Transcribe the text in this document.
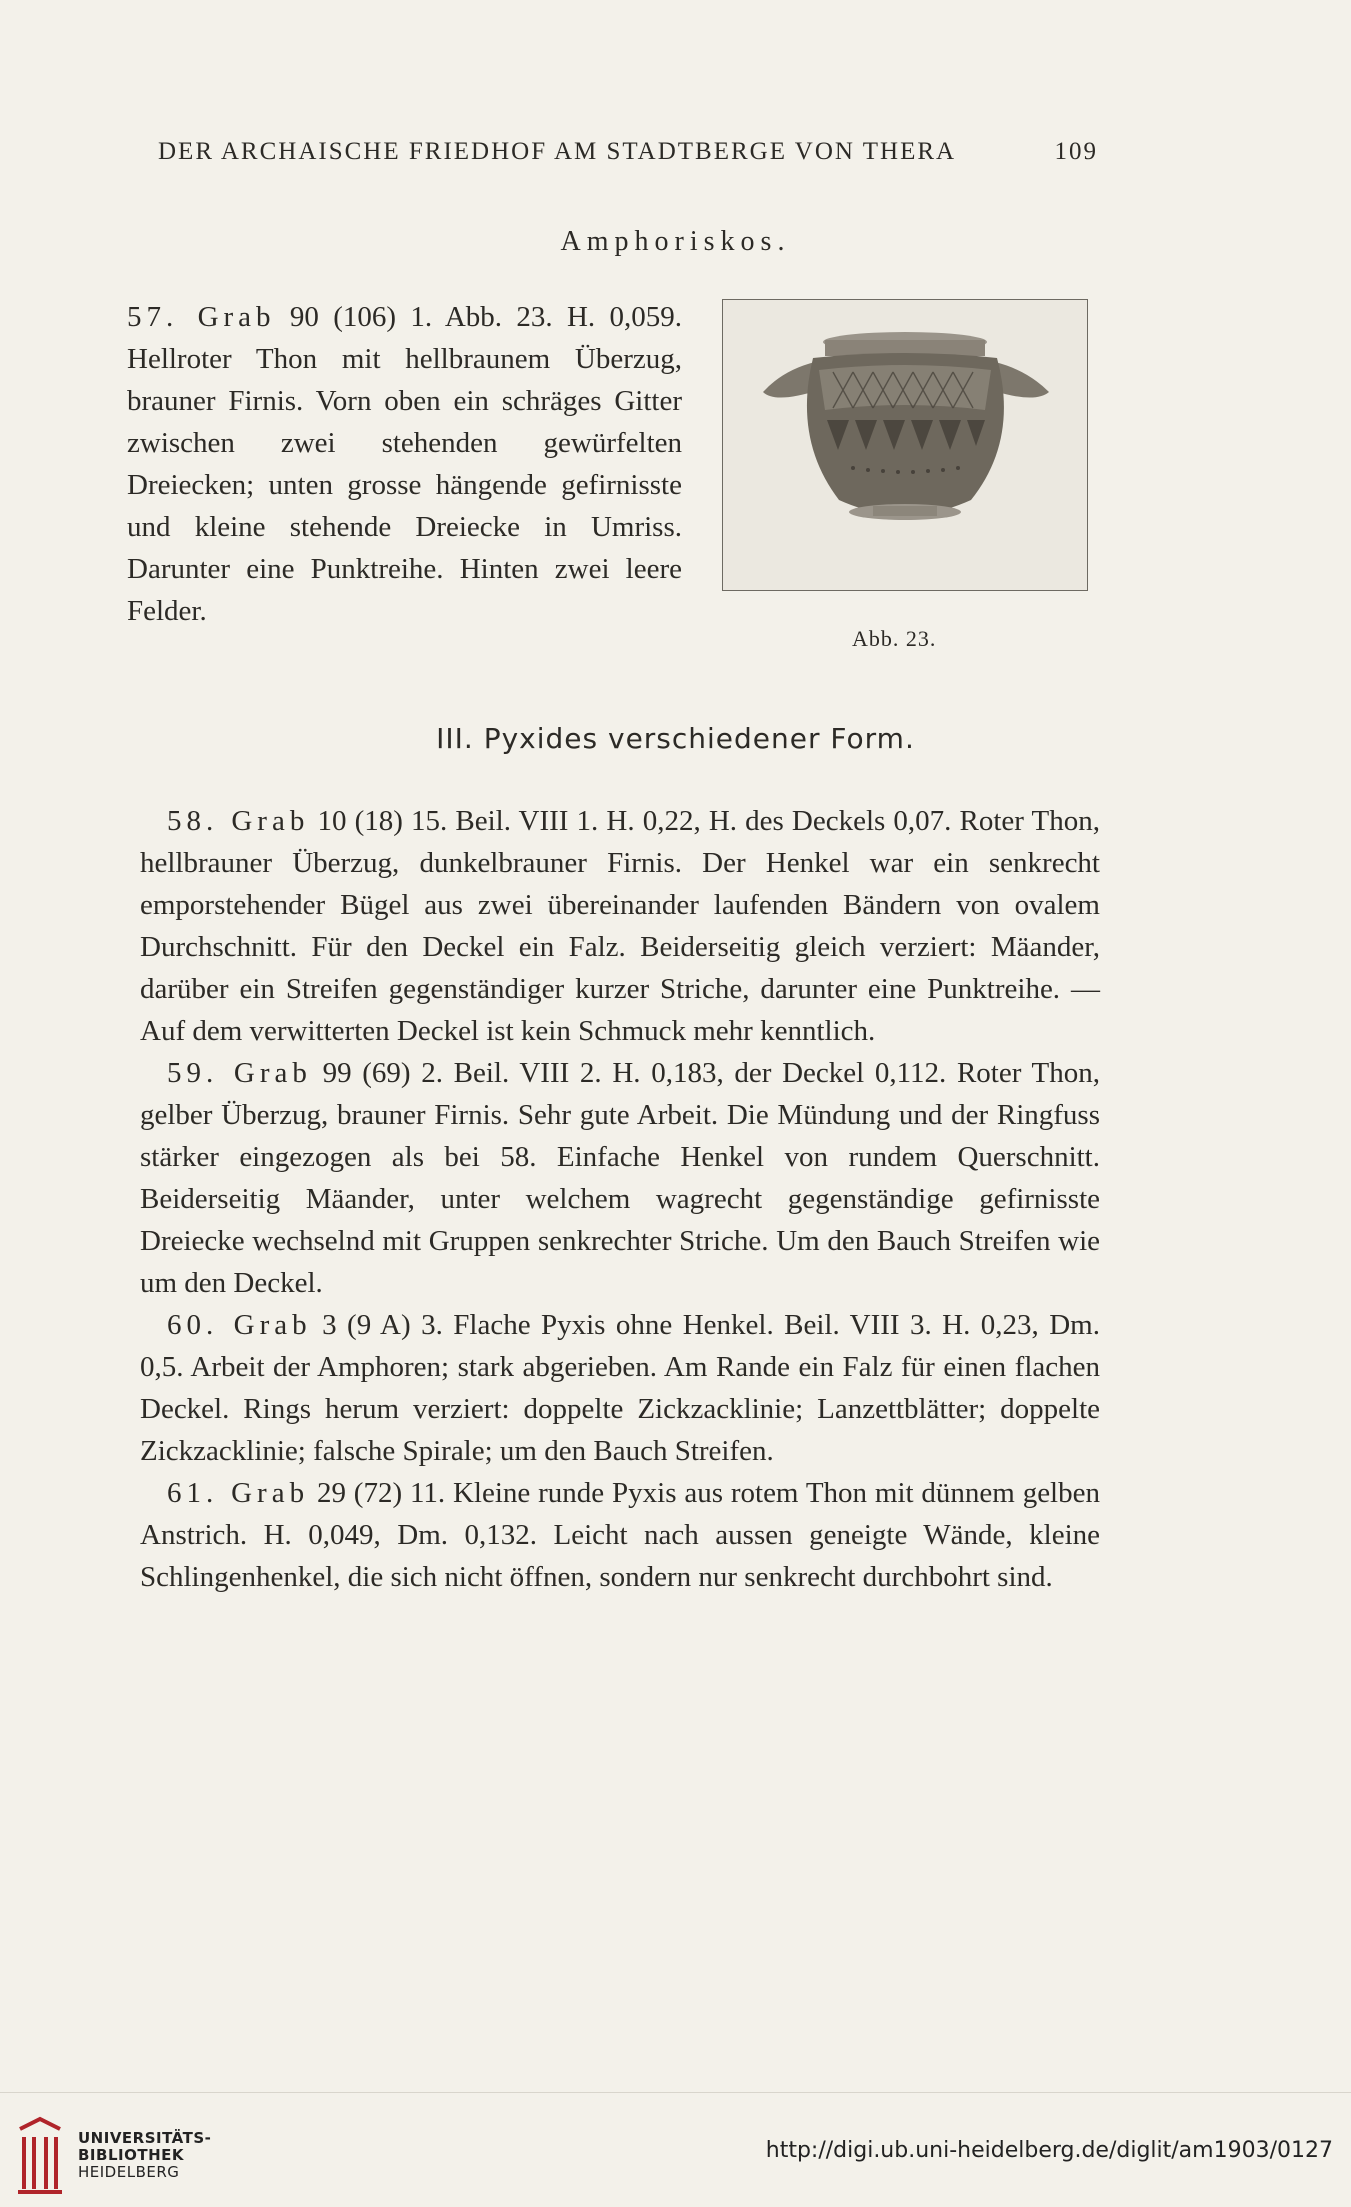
DER ARCHAISCHE FRIEDHOF AM STADTBERGE VON THERA	109
Amphoriskos.

57. Grab 90 (106) 1. Abb. 23. H. 0,059. Hellroter Thon mit hellbraunem Überzug, brauner Firnis. Vorn oben ein schräges Gitter zwischen zwei stehenden gewürfelten Dreiecken; unten grosse hängende gefirnisste und kleine stehende Dreiecke in Umriss. Darunter eine Punktreihe. Hinten zwei leere Felder.

Abb. 23.
III. Pyxides verschiedener Form.

58. Grab 10 (18) 15. Beil. VIII 1. H. 0,22, H. des Deckels 0,07. Roter Thon, hellbrauner Überzug, dunkelbrauner Firnis. Der Henkel war ein senkrecht emporstehender Bügel aus zwei übereinander laufenden Bändern von ovalem Durchschnitt. Für den Deckel ein Falz. Beiderseitig gleich verziert: Mäander, darüber ein Streifen gegenständiger kurzer Striche, darunter eine Punktreihe. — Auf dem verwitterten Deckel ist kein Schmuck mehr kenntlich.

59. Grab 99 (69) 2. Beil. VIII 2. H. 0,183, der Deckel 0,112. Roter Thon, gelber Überzug, brauner Firnis. Sehr gute Arbeit. Die Mündung und der Ringfuss stärker eingezogen als bei 58. Einfache Henkel von rundem Querschnitt. Beiderseitig Mäander, unter welchem wagrecht gegenständige gefirnisste Dreiecke wechselnd mit Gruppen senkrechter Striche. Um den Bauch Streifen wie um den Deckel.

60. Grab 3 (9 A) 3. Flache Pyxis ohne Henkel. Beil. VIII 3. H. 0,23, Dm. 0,5. Arbeit der Amphoren; stark abgerieben. Am Rande ein Falz für einen flachen Deckel. Rings herum verziert: doppelte Zickzacklinie; Lanzettblätter; doppelte Zickzacklinie; falsche Spirale; um den Bauch Streifen.

61. Grab 29 (72) 11. Kleine runde Pyxis aus rotem Thon mit dünnem gelben Anstrich. H. 0,049, Dm. 0,132. Leicht nach aussen geneigte Wände, kleine Schlingenhenkel, die sich nicht öffnen, sondern nur senkrecht durchbohrt sind.

UNIVERSITÄTS-
BIBLIOTHEK
HEIDELBERG
http://digi.ub.uni-heidelberg.de/diglit/am1903/0127
